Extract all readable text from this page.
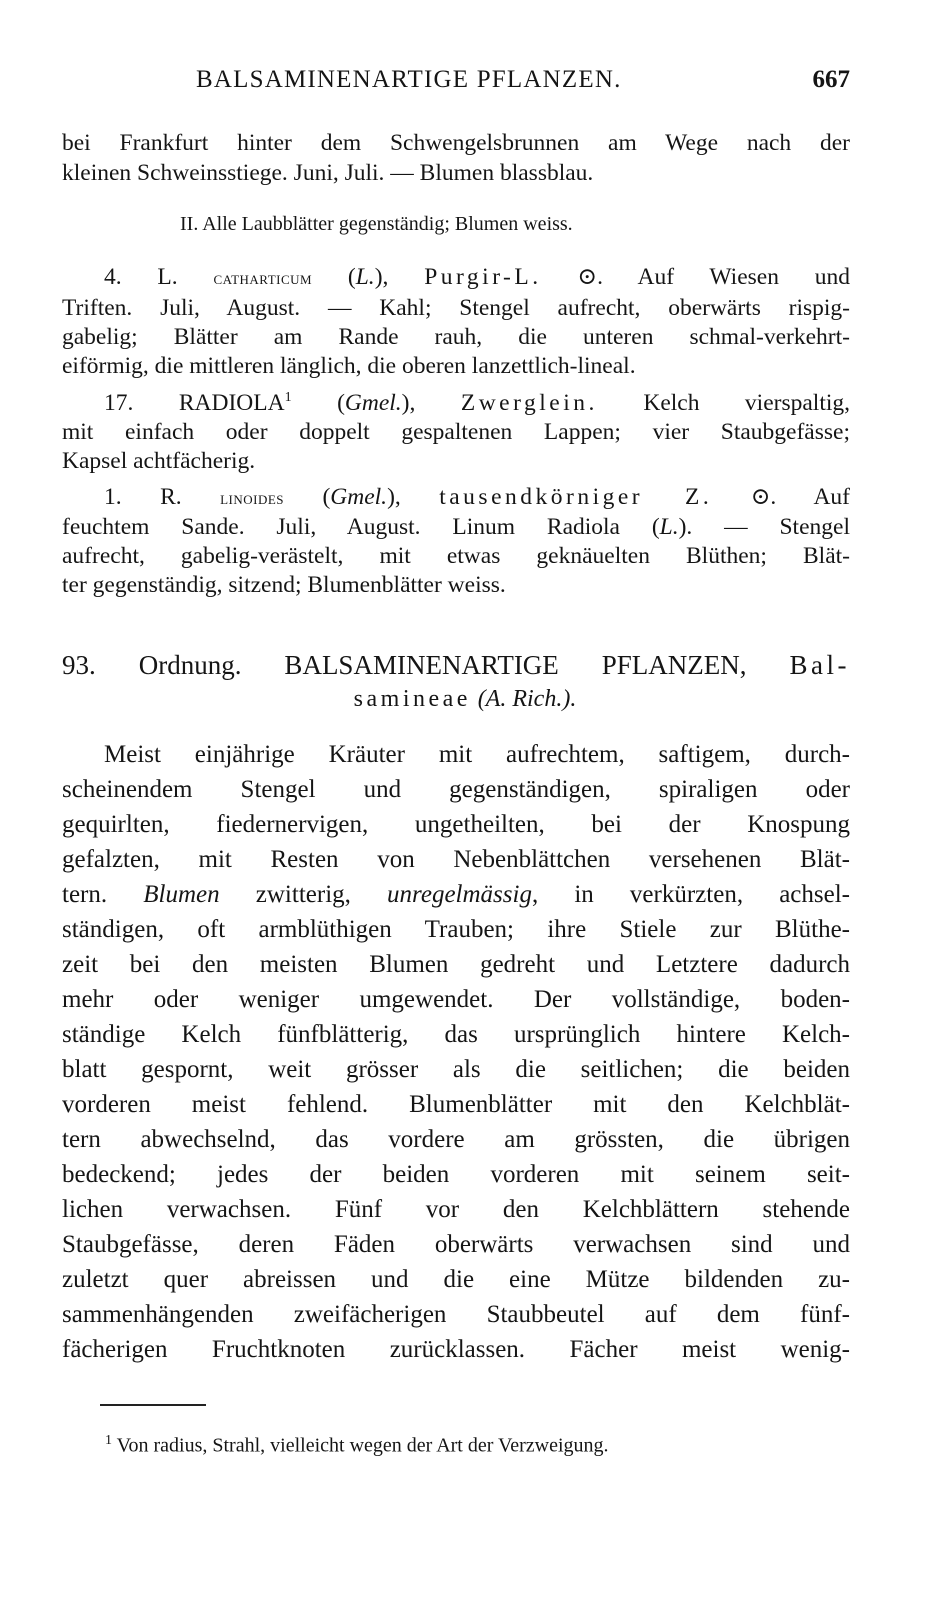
BALSAMINENARTIGE PFLANZEN.	667
bei Frankfurt hinter dem Schwengelsbrunnen am Wege nach der
kleinen Schweinsstiege. Juni, Juli. — Blumen blassblau.
II. Alle Laubblätter gegenständig; Blumen weiss.
4. L. catharticum (L.), Purgir-L. ⊙. Auf Wiesen und
Triften. Juli, August. — Kahl; Stengel aufrecht, oberwärts rispig-
gabelig; Blätter am Rande rauh, die unteren schmal-verkehrt-
eiförmig, die mittleren länglich, die oberen lanzettlich-lineal.
17. RADIOLA$^1$ (Gmel.), Zwerglein. Kelch vierspaltig,
mit einfach oder doppelt gespaltenen Lappen; vier Staubgefässe;
Kapsel achtfächerig.
1. R. linoides (Gmel.), tausendkörniger Z. ⊙. Auf
feuchtem Sande. Juli, August. Linum Radiola (L.). — Stengel
aufrecht, gabelig-verästelt, mit etwas geknäuelten Blüthen; Blät-
ter gegenständig, sitzend; Blumenblätter weiss.
93. Ordnung. BALSAMINENARTIGE PFLANZEN, Bal-
samineae (A. Rich.).
Meist einjährige Kräuter mit aufrechtem, saftigem, durch-
scheinendem Stengel und gegenständigen, spiraligen oder
gequirlten, fiedernervigen, ungetheilten, bei der Knospung
gefalzten, mit Resten von Nebenblättchen versehenen Blät-
tern. Blumen zwitterig, unregelmässig, in verkürzten, achsel-
ständigen, oft armblüthigen Trauben; ihre Stiele zur Blüthe-
zeit bei den meisten Blumen gedreht und Letztere dadurch
mehr oder weniger umgewendet. Der vollständige, boden-
ständige Kelch fünfblätterig, das ursprünglich hintere Kelch-
blatt gespornt, weit grösser als die seitlichen; die beiden
vorderen meist fehlend. Blumenblätter mit den Kelchblät-
tern abwechselnd, das vordere am grössten, die übrigen
bedeckend; jedes der beiden vorderen mit seinem seit-
lichen verwachsen. Fünf vor den Kelchblättern stehende
Staubgefässe, deren Fäden oberwärts verwachsen sind und
zuletzt quer abreissen und die eine Mütze bildenden zu-
sammenhängenden zweifächerigen Staubbeutel auf dem fünf-
fächerigen Fruchtknoten zurücklassen. Fächer meist wenig-
$^1$ Von radius, Strahl, vielleicht wegen der Art der Verzweigung.
